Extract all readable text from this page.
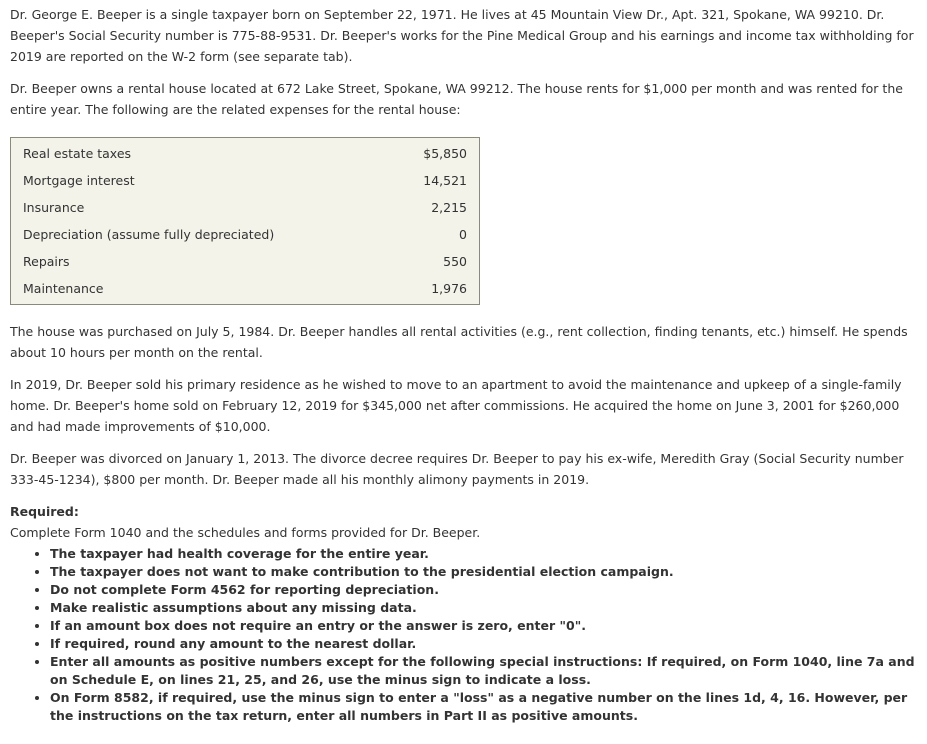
Dr. George E. Beeper is a single taxpayer born on September 22, 1971. He lives at 45 Mountain View Dr., Apt. 321, Spokane, WA 99210. Dr. Beeper's Social Security number is 775-88-9531. Dr. Beeper's works for the Pine Medical Group and his earnings and income tax withholding for 2019 are reported on the W-2 form (see separate tab).

Dr. Beeper owns a rental house located at 672 Lake Street, Spokane, WA 99212. The house rents for $1,000 per month and was rented for the entire year. The following are the related expenses for the rental house:

Real estate taxes	$5,850
Mortgage interest	14,521
Insurance	2,215
Depreciation (assume fully depreciated)	0
Repairs	550
Maintenance	1,976

The house was purchased on July 5, 1984. Dr. Beeper handles all rental activities (e.g., rent collection, finding tenants, etc.) himself. He spends about 10 hours per month on the rental.

In 2019, Dr. Beeper sold his primary residence as he wished to move to an apartment to avoid the maintenance and upkeep of a single-family home. Dr. Beeper's home sold on February 12, 2019 for $345,000 net after commissions. He acquired the home on June 3, 2001 for $260,000 and had made improvements of $10,000.

Dr. Beeper was divorced on January 1, 2013. The divorce decree requires Dr. Beeper to pay his ex-wife, Meredith Gray (Social Security number 333-45-1234), $800 per month. Dr. Beeper made all his monthly alimony payments in 2019.

Required:
Complete Form 1040 and the schedules and forms provided for Dr. Beeper.
• The taxpayer had health coverage for the entire year.
• The taxpayer does not want to make contribution to the presidential election campaign.
• Do not complete Form 4562 for reporting depreciation.
• Make realistic assumptions about any missing data.
• If an amount box does not require an entry or the answer is zero, enter "0".
• If required, round any amount to the nearest dollar.
• Enter all amounts as positive numbers except for the following special instructions: If required, on Form 1040, line 7a and on Schedule E, on lines 21, 25, and 26, use the minus sign to indicate a loss.
• On Form 8582, if required, use the minus sign to enter a "loss" as a negative number on the lines 1d, 4, 16. However, per the instructions on the tax return, enter all numbers in Part II as positive amounts.
